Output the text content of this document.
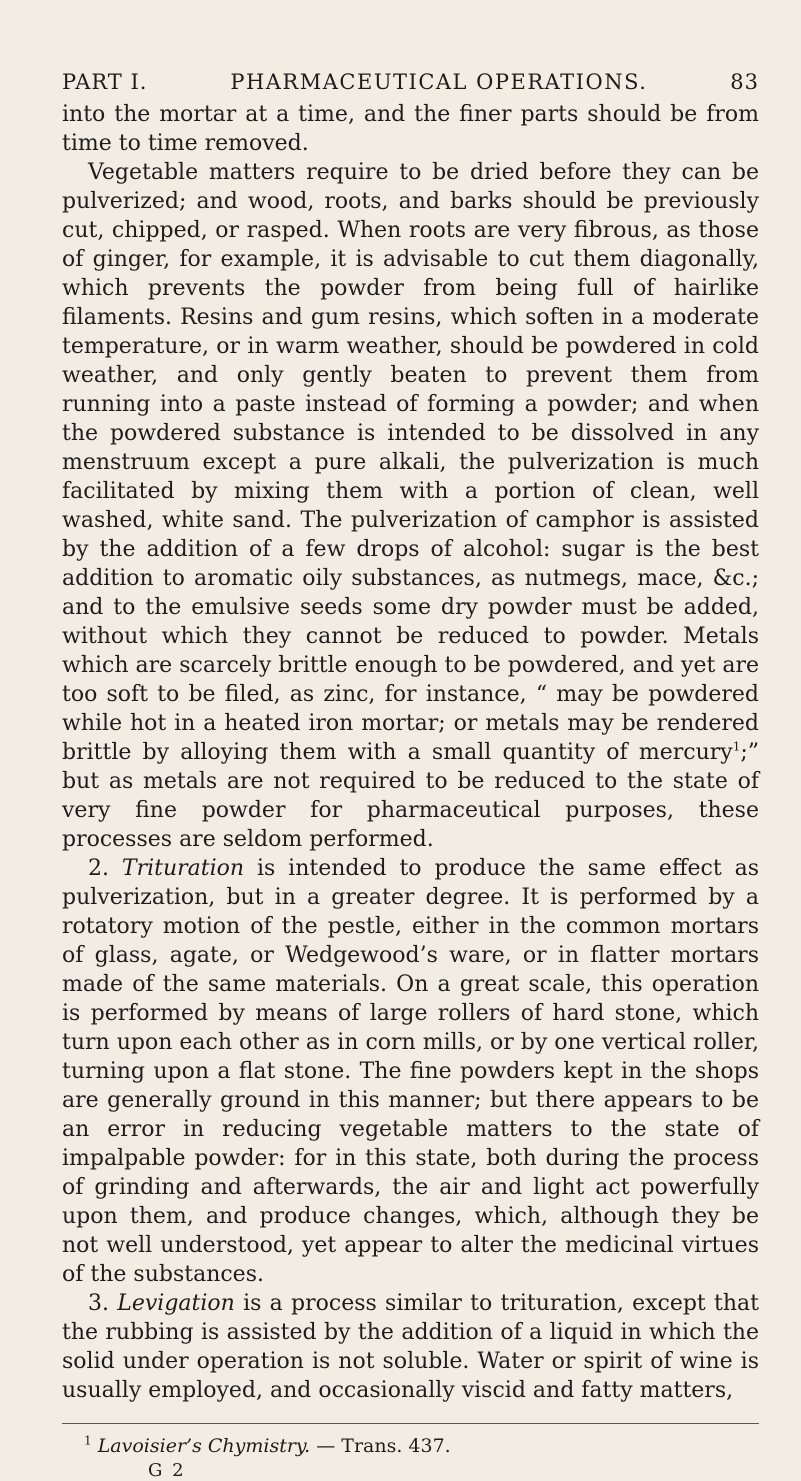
PART I.	PHARMACEUTICAL OPERATIONS.	83

into the mortar at a time, and the finer parts should be from time to time removed.

Vegetable matters require to be dried before they can be pulverized; and wood, roots, and barks should be previously cut, chipped, or rasped. When roots are very fibrous, as those of ginger, for example, it is advisable to cut them diagonally, which prevents the powder from being full of hairlike filaments. Resins and gum resins, which soften in a moderate temperature, or in warm weather, should be powdered in cold weather, and only gently beaten to prevent them from running into a paste instead of forming a powder; and when the powdered substance is intended to be dissolved in any menstruum except a pure alkali, the pulverization is much facilitated by mixing them with a portion of clean, well washed, white sand. The pulverization of camphor is assisted by the addition of a few drops of alcohol: sugar is the best addition to aromatic oily substances, as nutmegs, mace, &c.; and to the emulsive seeds some dry powder must be added, without which they cannot be reduced to powder. Metals which are scarcely brittle enough to be powdered, and yet are too soft to be filed, as zinc, for instance, “ may be powdered while hot in a heated iron mortar; or metals may be rendered brittle by alloying them with a small quantity of mercury$^1$;” but as metals are not required to be reduced to the state of very fine powder for pharmaceutical purposes, these processes are seldom performed.

2. Trituration is intended to produce the same effect as pulverization, but in a greater degree. It is performed by a rotatory motion of the pestle, either in the common mortars of glass, agate, or Wedgewood’s ware, or in flatter mortars made of the same materials. On a great scale, this operation is performed by means of large rollers of hard stone, which turn upon each other as in corn mills, or by one vertical roller, turning upon a flat stone. The fine powders kept in the shops are generally ground in this manner; but there appears to be an error in reducing vegetable matters to the state of impalpable powder: for in this state, both during the process of grinding and afterwards, the air and light act powerfully upon them, and produce changes, which, although they be not well understood, yet appear to alter the medicinal virtues of the substances.

3. Levigation is a process similar to trituration, except that the rubbing is assisted by the addition of a liquid in which the solid under operation is not soluble. Water or spirit of wine is usually employed, and occasionally viscid and fatty matters,

$^1$ Lavoisier’s Chymistry. — Trans. 437.
G 2
